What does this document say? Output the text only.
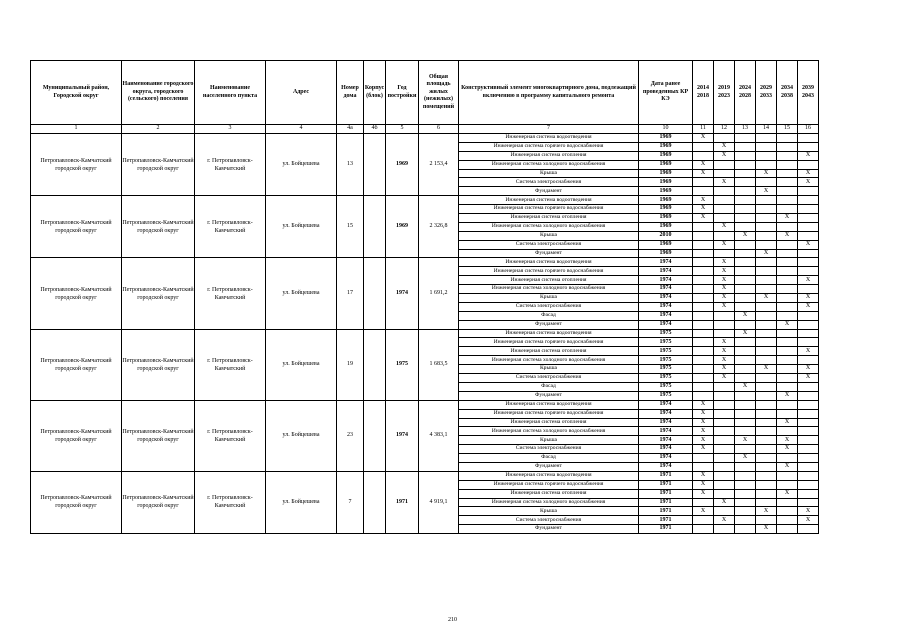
Муниципальный район, Городской округ	Наименование городского округа, городского (сельского) поселения	Наименование населенного пункта	Адрес	Номер дома	Корпус (блок)	Год постройки	Общая площадь жилых (нежилых) помещений	Конструктивный элемент многоквартирного дома, подлежащий включению в программу капитального ремонта	Дата ранее проведенных КР КЭ	2014 2018	2019 2023	2024 2028	2029 2033	2034 2038	2039 2043
1	2	3	4	4а	4б	5	6	7	10	11	12	13	14	15	16
Петропавловск-Камчатский городской округ	Петропавловск-Камчатский городской округ	г. Петропавловск-Камчатский	ул. Бойцешева	13		1969	2 153,4	Инженерная система водоотведения	1969	X					
								Инженерная система горячего водоснабжения	1969		X				
								Инженерная система отопления	1969		X				X
								Инженерная система холодного водоснабжения	1969	X					
								Крыша	1969	X			X		X
								Система электроснабжения	1969		X				X
								Фундамент	1969				X		
Петропавловск-Камчатский городской округ	Петропавловск-Камчатский городской округ	г. Петропавловск-Камчатский	ул. Бойцешева	15		1969	2 326,8	Инженерная система водоотведения	1969	X					
								Инженерная система горячего водоснабжения	1969	X					
								Инженерная система отопления	1969	X				X	
								Инженерная система холодного водоснабжения	1969		X				
								Крыша	2010			X		X	
								Система электроснабжения	1969		X				X
								Фундамент	1969				X		
Петропавловск-Камчатский городской округ	Петропавловск-Камчатский городской округ	г. Петропавловск-Камчатский	ул. Бойцешева	17		1974	1 691,2	Инженерная система водоотведения	1974		X				
								Инженерная система горячего водоснабжения	1974		X				
								Инженерная система отопления	1974		X				X
								Инженерная система холодного водоснабжения	1974		X				
								Крыша	1974		X		X		X
								Система электроснабжения	1974		X				X
								Фасад	1974			X			
								Фундамент	1974					X	
Петропавловск-Камчатский городской округ	Петропавловск-Камчатский городской округ	г. Петропавловск-Камчатский	ул. Бойцешева	19		1975	1 683,5	Инженерная система водоотведения	1975			X			
								Инженерная система горячего водоснабжения	1975		X				
								Инженерная система отопления	1975		X				X
								Инженерная система холодного водоснабжения	1975		X				
								Крыша	1975		X		X		X
								Система электроснабжения	1975		X				X
								Фасад	1975			X			
								Фундамент	1975					X	
Петропавловск-Камчатский городской округ	Петропавловск-Камчатский городской округ	г. Петропавловск-Камчатский	ул. Бойцешева	23		1974	4 383,1	Инженерная система водоотведения	1974	X					
								Инженерная система горячего водоснабжения	1974	X					
								Инженерная система отопления	1974	X				X	
								Инженерная система холодного водоснабжения	1974	X					
								Крыша	1974	X		X		X	
								Система электроснабжения	1974	X				X	
								Фасад	1974			X			
								Фундамент	1974					X	
Петропавловск-Камчатский городской округ	Петропавловск-Камчатский городской округ	г. Петропавловск-Камчатский	ул. Бойцешева	7		1971	4 919,1	Инженерная система водоотведения	1971	X					
								Инженерная система горячего водоснабжения	1971	X					
								Инженерная система отопления	1971	X				X	
								Инженерная система холодного водоснабжения	1971		X				
								Крыша	1971	X			X		X
								Система электроснабжения	1971		X				X
								Фундамент	1971				X		
210
